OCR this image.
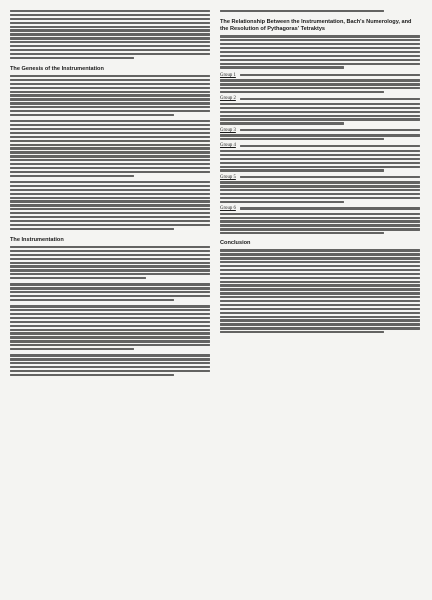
The Genesis of the Instrumentation
The Instrumentation
The Relationship Between the Instrumentation, Bach's Numerology, and the Resolution of Pythagoras' Tetraktys
Group 1
Group 2
Group 3
Group 4
Group 5
Group 6
Conclusion
